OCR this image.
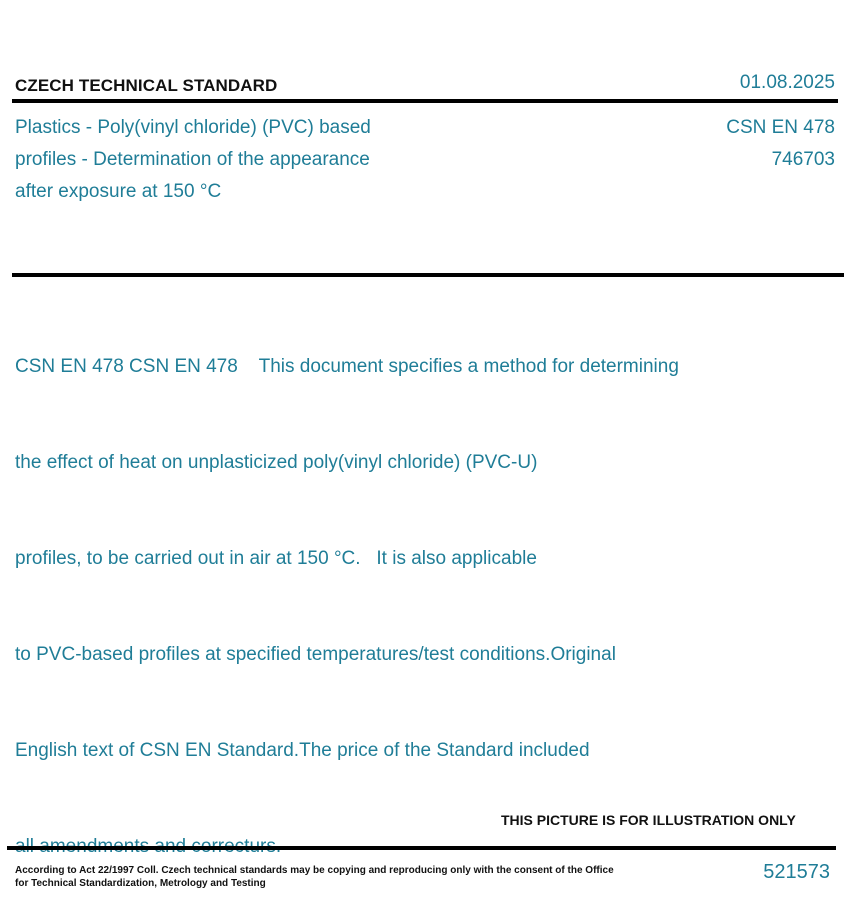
CZECH TECHNICAL STANDARD	01.08.2025
Plastics - Poly(vinyl chloride) (PVC) based
profiles - Determination of the appearance
after exposure at 150 °C
CSN EN 478
746703

CSN EN 478 CSN EN 478    This document specifies a method for determining

the effect of heat on unplasticized poly(vinyl chloride) (PVC-U)

profiles, to be carried out in air at 150 °C.   It is also applicable

to PVC-based profiles at specified temperatures/test conditions.Original

English text of CSN EN Standard.The price of the Standard included

THIS PICTURE IS FOR ILLUSTRATION ONLY
According to Act 22/1997 Coll. Czech technical standards may be copying and reproducing only with the consent of the Office
for Technical Standardization, Metrology and Testing
521573
